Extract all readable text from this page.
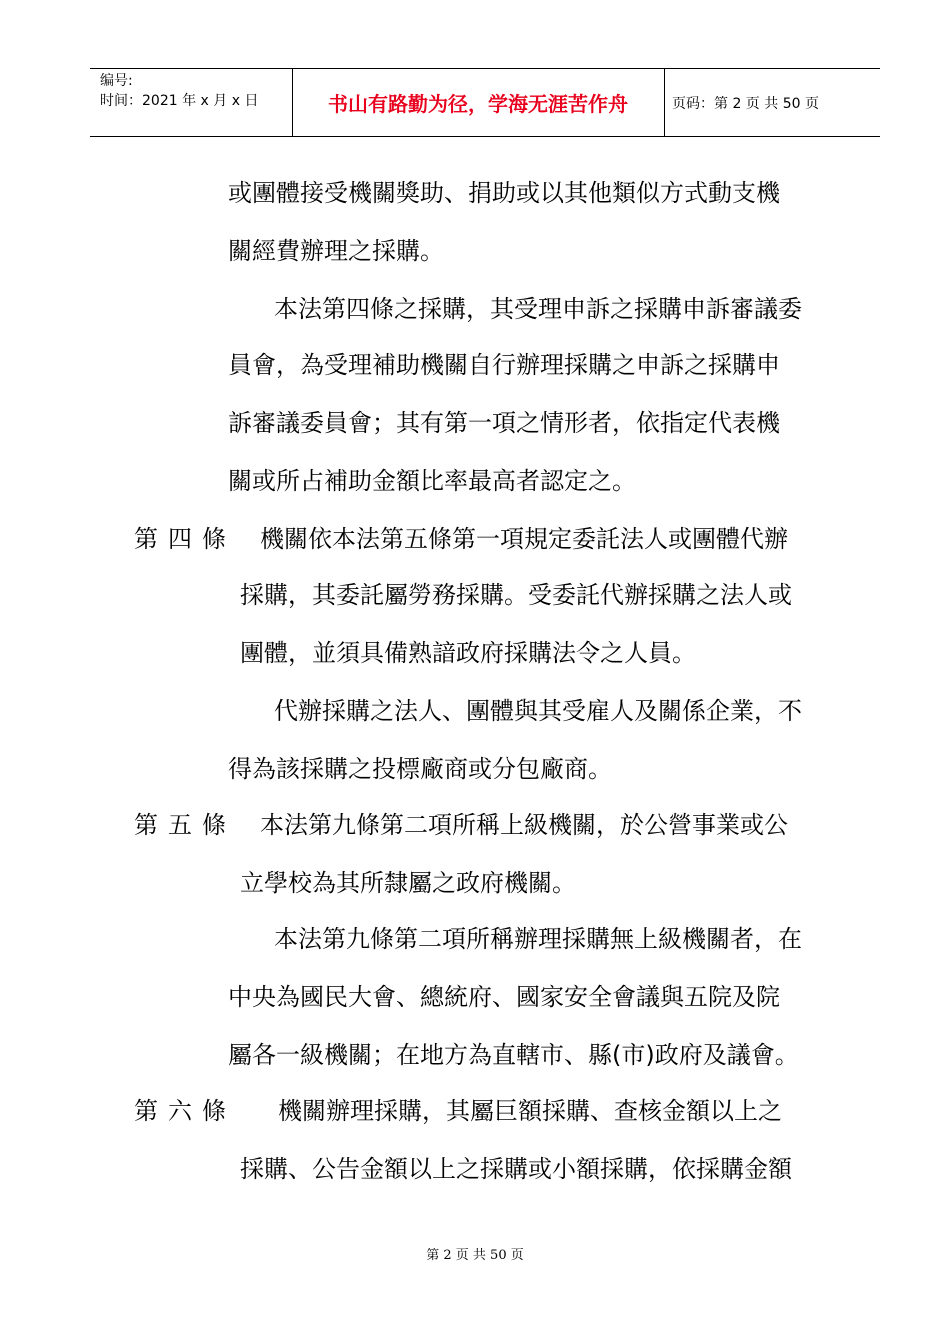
编号:
时间：2021 年 x 月 x 日	书山有路勤为径，学海无涯苦作舟	页码：第 2 页 共 50 页
或團體接受機關獎助、捐助或以其他類似方式動支機
關經費辦理之採購。
本法第四條之採購，其受理申訴之採購申訴審議委
員會，為受理補助機關自行辦理採購之申訴之採購申
訴審議委員會；其有第一項之情形者，依指定代表機
關或所占補助金額比率最高者認定之。
第四條 機關依本法第五條第一項規定委託法人或團體代辦
採購，其委託屬勞務採購。受委託代辦採購之法人或
團體，並須具備熟諳政府採購法令之人員。
代辦採購之法人、團體與其受雇人及關係企業，不
得為該採購之投標廠商或分包廠商。
第五條 本法第九條第二項所稱上級機關，於公營事業或公
立學校為其所隸屬之政府機關。
本法第九條第二項所稱辦理採購無上級機關者，在
中央為國民大會、總統府、國家安全會議與五院及院
屬各一級機關；在地方為直轄市、縣(市)政府及議會。
第六條 機關辦理採購，其屬巨額採購、查核金額以上之
採購、公告金額以上之採購或小額採購，依採購金額
第 2 页 共 50 页
